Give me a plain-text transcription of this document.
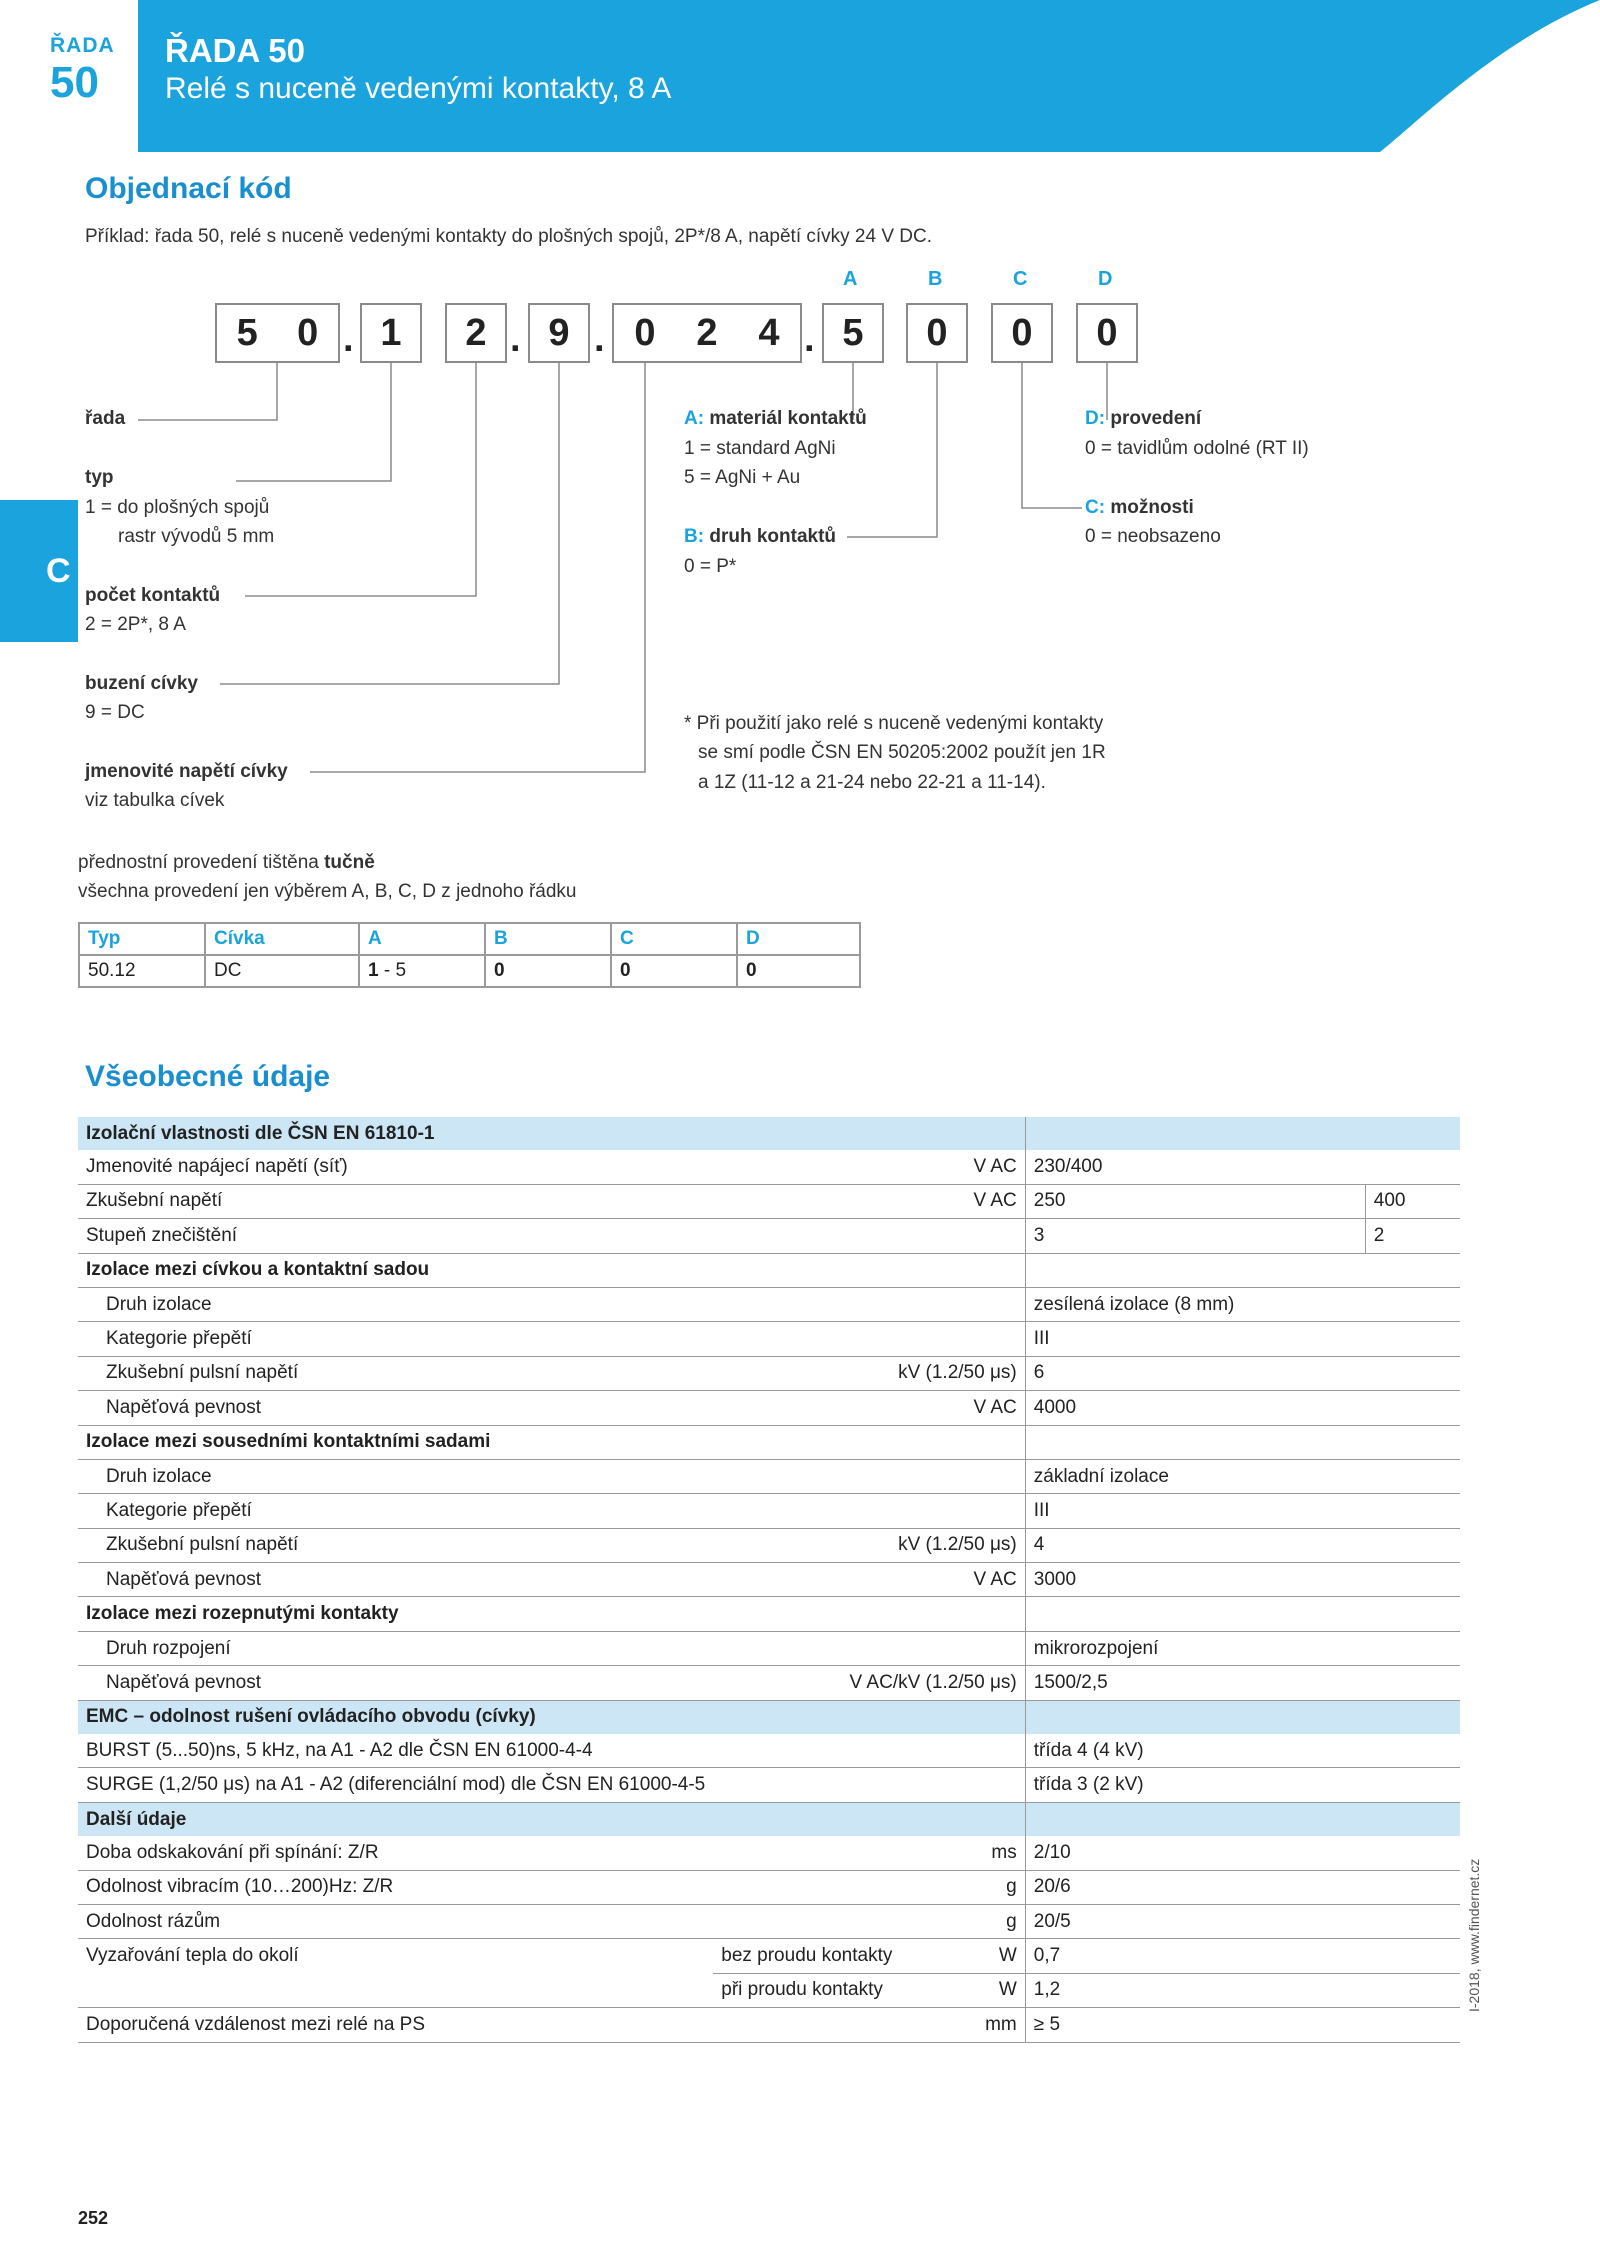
ŘADA
50
ŘADA 50
Relé s nuceně vedenými kontakty, 8 A	finder
C
Objednací kód
Příklad: řada 50, relé s nuceně vedenými kontakty do plošných spojů, 2P*/8 A, napětí cívky 24 V DC.
A	B	C	D
5 0 . 1 2 . 9 . 0 2 4 . 5 0 0 0
řada
typ
1 = do plošných spojů
rastr vývodů 5 mm
počet kontaktů
2 = 2P*, 8 A
buzení cívky
9 = DC
jmenovité napětí cívky
viz tabulka cívek
A: materiál kontaktů
1 = standard AgNi
5 = AgNi + Au
B: druh kontaktů
0 = P*
D: provedení
0 = tavidlům odolné (RT II)
C: možnosti
0 = neobsazeno
* Při použití jako relé s nuceně vedenými kontakty
se smí podle ČSN EN 50205:2002 použít jen 1R
a 1Z (11-12 a 21-24 nebo 22-21 a 11-14).
přednostní provedení tištěna tučně
všechna provedení jen výběrem A, B, C, D z jednoho řádku
Typ	Cívka	A	B	C	D
50.12	DC	1 - 5	0	0	0
Všeobecné údaje
Izolační vlastnosti dle ČSN EN 61810-1			
Jmenovité napájecí napětí (síť)	V AC	230/400	
Zkušební napětí	V AC	250	400
Stupeň znečištění		3	2
Izolace mezi cívkou a kontaktní sadou			
Druh izolace		zesílená izolace (8 mm)	
Kategorie přepětí		III	
Zkušební pulsní napětí	kV (1.2/50 μs)	6	
Napěťová pevnost	V AC	4000	
Izolace mezi sousedními kontaktními sadami			
Druh izolace		základní izolace	
Kategorie přepětí		III	
Zkušební pulsní napětí	kV (1.2/50 μs)	4	
Napěťová pevnost	V AC	3000	
Izolace mezi rozepnutými kontakty			
Druh rozpojení		mikrorozpojení	
Napěťová pevnost	V AC/kV (1.2/50 μs)	1500/2,5	
EMC – odolnost rušení ovládacího obvodu (cívky)			
BURST (5...50)ns, 5 kHz, na A1 - A2 dle ČSN EN 61000-4-4		třída 4 (4 kV)	
SURGE (1,2/50 μs) na A1 - A2 (diferenciální mod) dle ČSN EN 61000-4-5		třída 3 (2 kV)	
Další údaje			
Doba odskakování při spínání: Z/R	ms	2/10	
Odolnost vibracím (10…200)Hz: Z/R	g	20/6	
Odolnost rázům	g	20/5	
Vyzařování tepla do okolí	bez proudu kontakty W	0,7	
	při proudu kontakty W	1,2	
Doporučená vzdálenost mezi relé na PS	mm	≥ 5	
I-2018, www.findernet.cz
252
